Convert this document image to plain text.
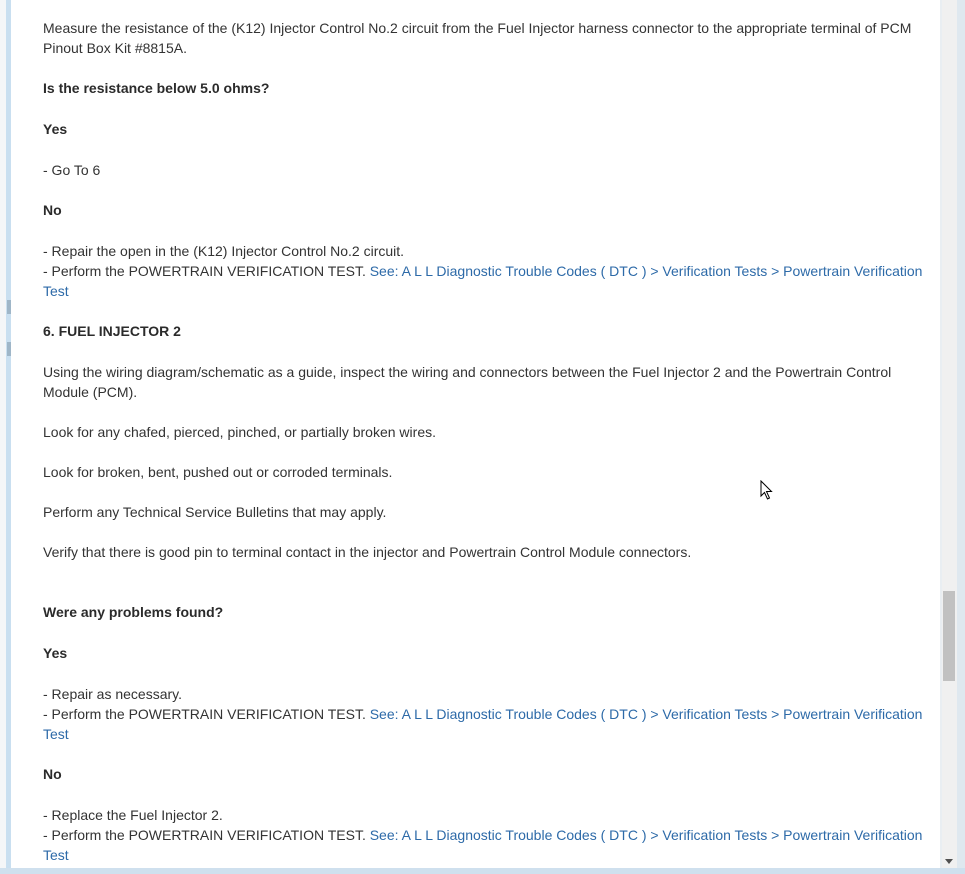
Measure the resistance of the (K12) Injector Control No.2 circuit from the Fuel Injector harness connector to the appropriate terminal of PCM Pinout Box Kit #8815A.

Is the resistance below 5.0 ohms?

Yes

- Go To 6

No

- Repair the open in the (K12) Injector Control No.2 circuit.

- Perform the POWERTRAIN VERIFICATION TEST. See: A L L Diagnostic Trouble Codes ( DTC ) > Verification Tests > Powertrain Verification Test

6. FUEL INJECTOR 2

Using the wiring diagram/schematic as a guide, inspect the wiring and connectors between the Fuel Injector 2 and the Powertrain Control Module (PCM).

Look for any chafed, pierced, pinched, or partially broken wires.

Look for broken, bent, pushed out or corroded terminals.

Perform any Technical Service Bulletins that may apply.

Verify that there is good pin to terminal contact in the injector and Powertrain Control Module connectors.

Were any problems found?

Yes

- Repair as necessary.

- Perform the POWERTRAIN VERIFICATION TEST. See: A L L Diagnostic Trouble Codes ( DTC ) > Verification Tests > Powertrain Verification Test

No

- Replace the Fuel Injector 2.

- Perform the POWERTRAIN VERIFICATION TEST. See: A L L Diagnostic Trouble Codes ( DTC ) > Verification Tests > Powertrain Verification Test
